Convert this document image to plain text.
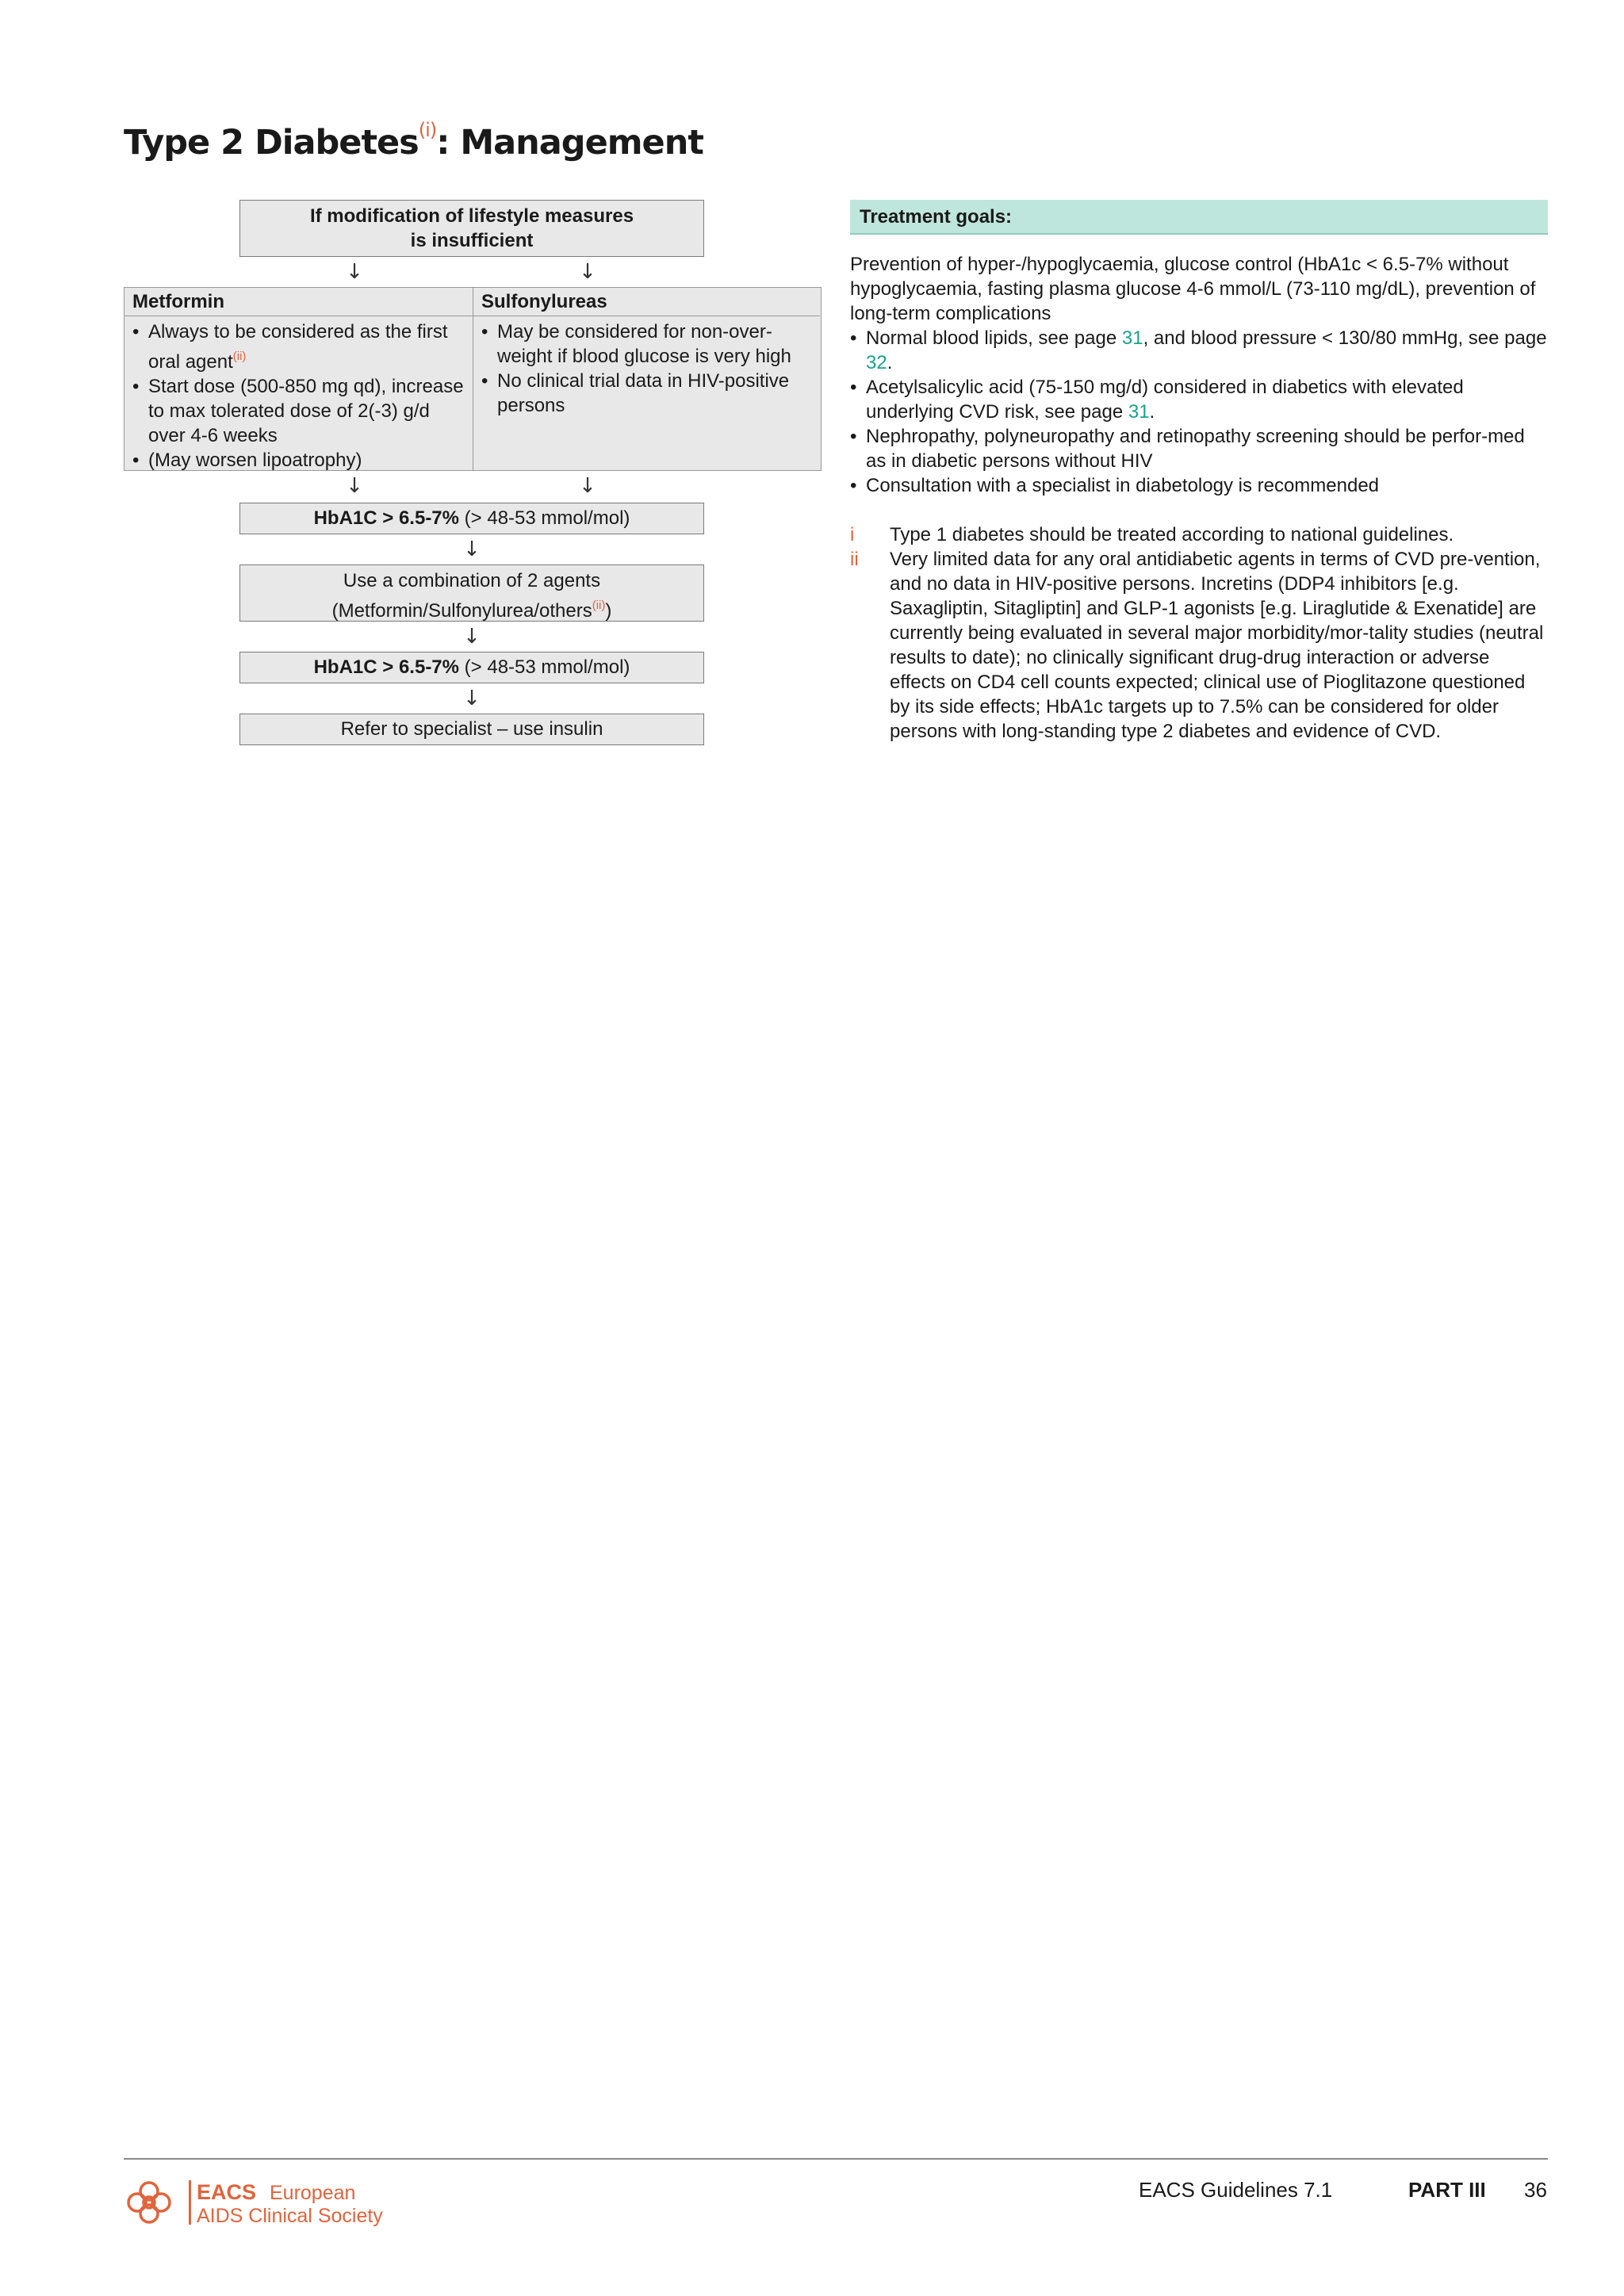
Type 2 Diabetes$^{(i)}$: Management
If modification of lifestyle measures
is insufficient
↓	↓
Metformin
• Always to be considered as the first oral agent$^{(ii)}$
• Start dose (500-850 mg qd), increase to max tolerated dose of 2(-3) g/d over 4-6 weeks
• (May worsen lipoatrophy)
Sulfonylureas
• May be considered for non-over-weight if blood glucose is very high
• No clinical trial data in HIV-positive persons
↓	↓
HbA1C > 6.5-7% (> 48-53 mmol/mol)
↓
Use a combination of 2 agents
(Metformin/Sulfonylurea/others$^{(ii)}$)
↓
HbA1C > 6.5-7% (> 48-53 mmol/mol)
↓
Refer to specialist – use insulin
Treatment goals:

Prevention of hyper-/hypoglycaemia, glucose control (HbA1c < 6.5-7% without hypoglycaemia, fasting plasma glucose 4-6 mmol/L (73-110 mg/dL), prevention of long-term complications

• Normal blood lipids, see page 31, and blood pressure < 130/80 mmHg, see page 32.
• Acetylsalicylic acid (75-150 mg/d) considered in diabetics with elevated underlying CVD risk, see page 31.
• Nephropathy, polyneuropathy and retinopathy screening should be perfor-med as in diabetic persons without HIV
• Consultation with a specialist in diabetology is recommended
i Type 1 diabetes should be treated according to national guidelines.
ii Very limited data for any oral antidiabetic agents in terms of CVD pre-vention, and no data in HIV-positive persons. Incretins (DDP4 inhibitors [e.g. Saxagliptin, Sitagliptin] and GLP-1 agonists [e.g. Liraglutide & Exenatide] are currently being evaluated in several major morbidity/mor-tality studies (neutral results to date); no clinically significant drug-drug interaction or adverse effects on CD4 cell counts expected; clinical use of Pioglitazone questioned by its side effects; HbA1c targets up to 7.5% can be considered for older persons with long-standing type 2 diabetes and evidence of CVD.
EACS European
AIDS Clinical Society
EACS Guidelines 7.1	PART III 36
